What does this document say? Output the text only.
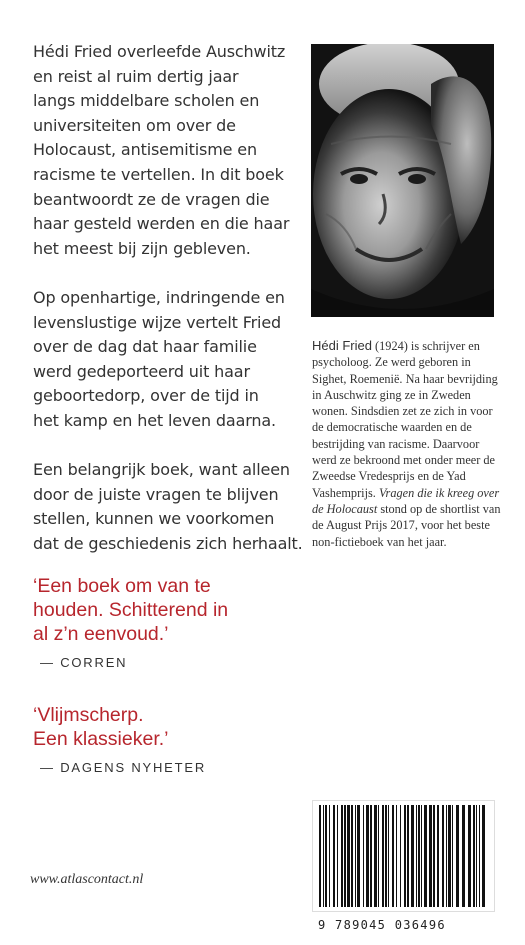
Hédi Fried overleefde Auschwitz
en reist al ruim dertig jaar
langs middelbare scholen en
universiteiten om over de
Holocaust, antisemitisme en
racisme te vertellen. In dit boek
beantwoordt ze de vragen die
haar gesteld werden en die haar
het meest bij zijn gebleven.

Op openhartige, indringende en
levenslustige wijze vertelt Fried
over de dag dat haar familie
werd gedeporteerd uit haar
geboortedorp, over de tijd in
het kamp en het leven daarna.

Een belangrijk boek, want alleen
door de juiste vragen te blijven
stellen, kunnen we voorkomen
dat de geschiedenis zich herhaalt.

‘Een boek om van te
houden. Schitterend in
al z’n eenvoud.’
— CORREN
‘Vlijmscherp.
Een klassieker.’
— DAGENS NYHETER
Hédi Fried (1924) is schrijver en psycholoog. Ze werd geboren in Sighet, Roemenië. Na haar bevrijding in Auschwitz ging ze in Zweden wonen. Sindsdien zet ze zich in voor de democratische waarden en de bestrijding van racisme. Daarvoor werd ze bekroond met onder meer de Zweedse Vredesprijs en de Yad Vashemprijs. Vragen die ik kreeg over de Holocaust stond op de shortlist van de August Prijs 2017, voor het beste non-fictieboek van het jaar.
9 789045 036496
www.atlascontact.nl
